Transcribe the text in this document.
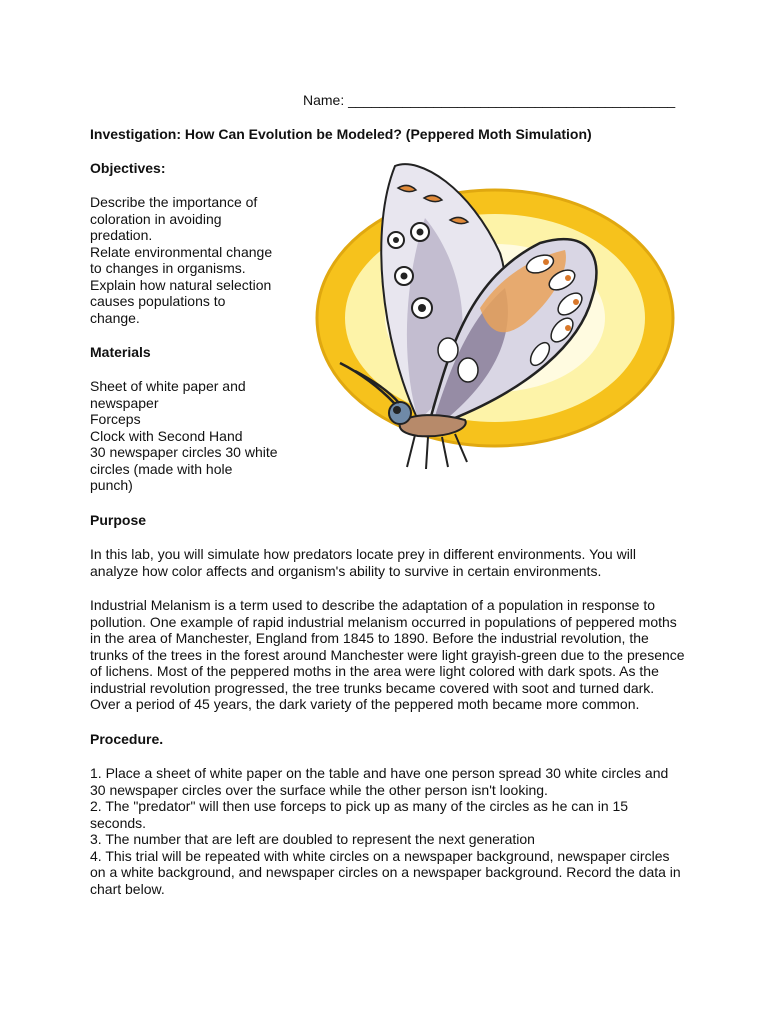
Name: __________________________________________
Investigation: How Can Evolution be Modeled? (Peppered Moth Simulation)
Objectives:
Describe the importance of
coloration in avoiding
predation.
Relate environmental change
to changes in organisms.
Explain how natural selection
causes populations to
change.
Materials
Sheet of white paper and
newspaper
Forceps
Clock with Second Hand
30 newspaper circles 30 white
circles (made with hole
punch)
Purpose
In this lab, you will simulate how predators locate prey in different environments. You will
analyze how color affects and organism's ability to survive in certain environments.
Industrial Melanism is a term used to describe the adaptation of a population in response to
pollution. One example of rapid industrial melanism occurred in populations of peppered moths
in the area of Manchester, England from 1845 to 1890. Before the industrial revolution, the
trunks of the trees in the forest around Manchester were light grayish-green due to the presence
of lichens. Most of the peppered moths in the area were light colored with dark spots. As the
industrial revolution progressed, the tree trunks became covered with soot and turned dark.
Over a period of 45 years, the dark variety of the peppered moth became more common.
Procedure.
1. Place a sheet of white paper on the table and have one person spread 30 white circles and
30 newspaper circles over the surface while the other person isn't looking.
2. The "predator" will then use forceps to pick up as many of the circles as he can in 15
seconds.
3. The number that are left are doubled to represent the next generation
4. This trial will be repeated with white circles on a newspaper background, newspaper circles
on a white background, and newspaper circles on a newspaper background. Record the data in
chart below.
